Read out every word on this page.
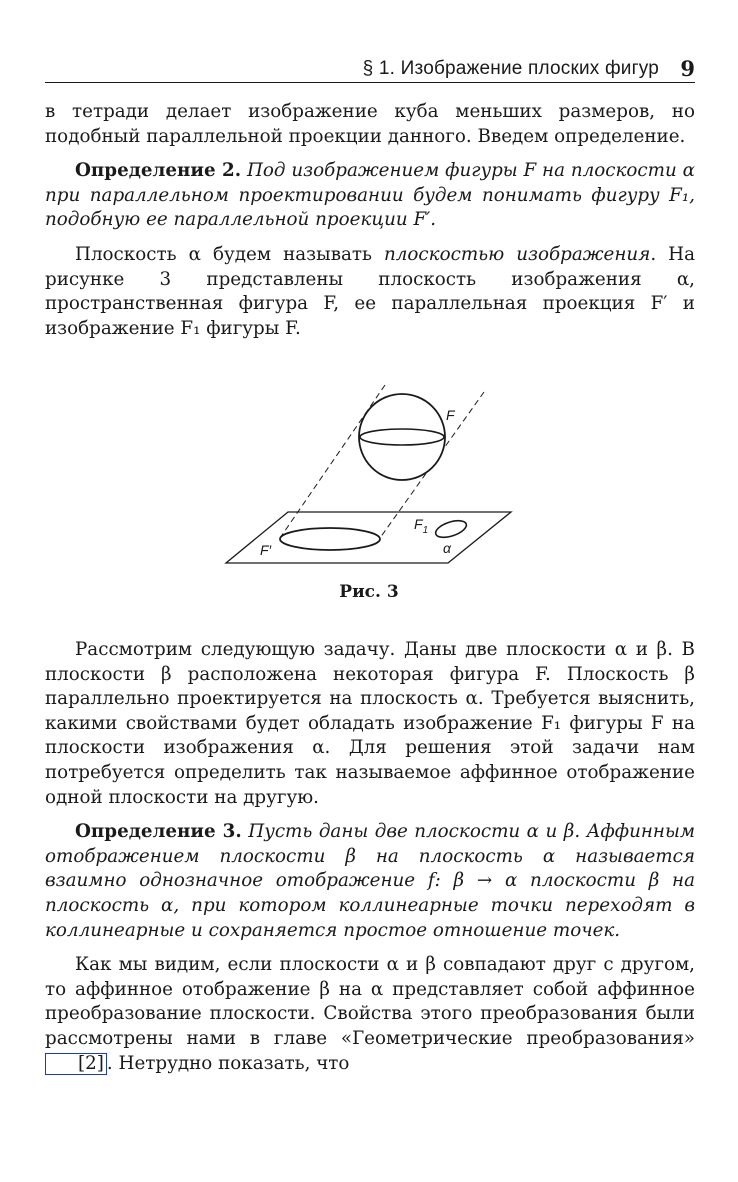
§ 1. Изображение плоских фигур 9

в тетради делает изображение куба меньших размеров, но подобный параллельной проекции данного. Введем определение.

Определение 2. Под изображением фигуры F на плоскости α при параллельном проектировании будем понимать фигуру F₁, подобную ее параллельной проекции F′.

Плоскость α будем называть плоскостью изображения. На рисунке 3 представлены плоскость изображения α, пространственная фигура F, ее параллельная проекция F′ и изображение F₁ фигуры F.

F
F′
$F_1$
α
Рис. 3

Рассмотрим следующую задачу. Даны две плоскости α и β. В плоскости β расположена некоторая фигура F. Плоскость β параллельно проектируется на плоскость α. Требуется выяснить, какими свойствами будет обладать изображение F₁ фигуры F на плоскости изображения α. Для решения этой задачи нам потребуется определить так называемое аффинное отображение одной плоскости на другую.

Определение 3. Пусть даны две плоскости α и β. Аффинным отображением плоскости β на плоскость α называется взаимно однозначное отображение f: β → α плоскости β на плоскость α, при котором коллинеарные точки переходят в коллинеарные и сохраняется простое отношение точек.

Как мы видим, если плоскости α и β совпадают друг с другом, то аффинное отображение β на α представляет собой аффинное преобразование плоскости. Свойства этого преобразования были рассмотрены нами в главе «Геометрические преобразования» [2] . Нетрудно показать, что
